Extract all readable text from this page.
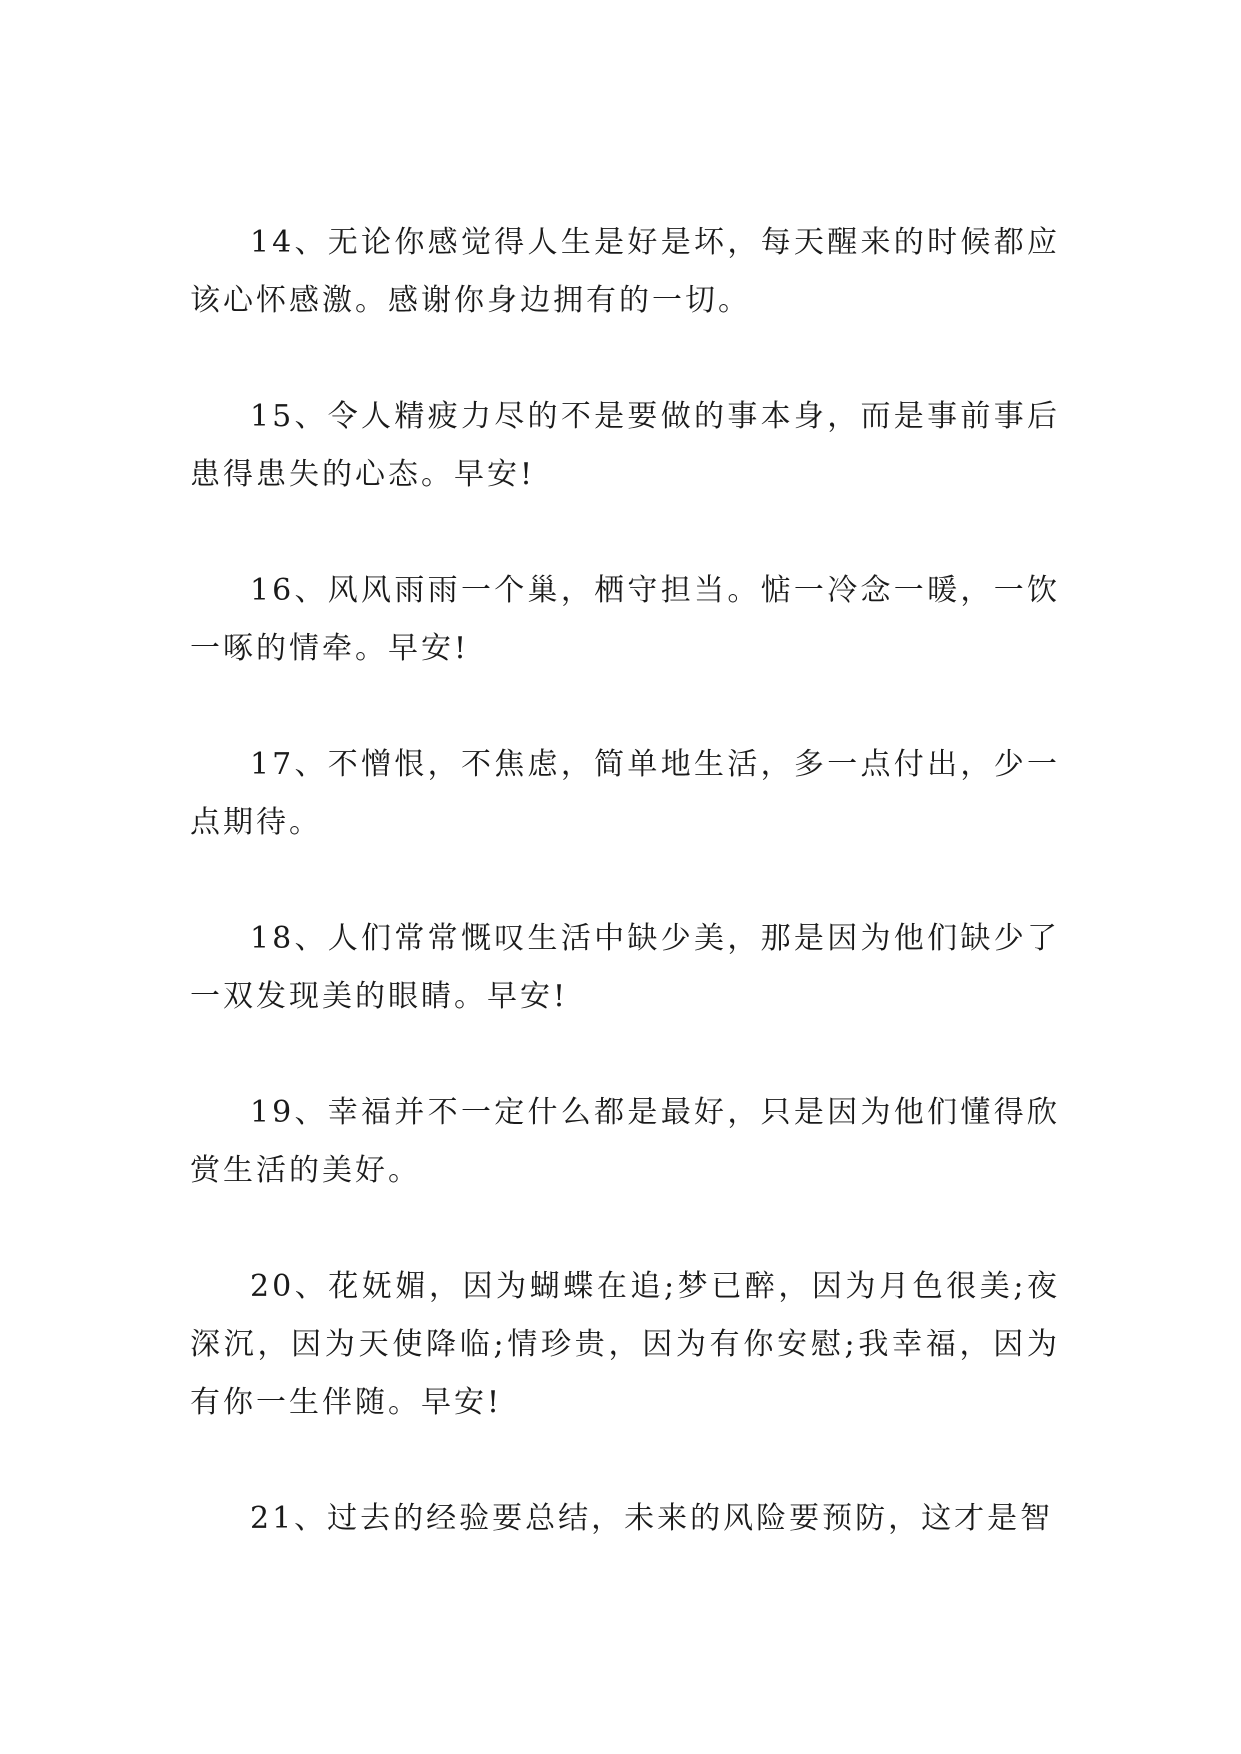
14、无论你感觉得人生是好是坏，每天醒来的时候都应该心怀感激。感谢你身边拥有的一切。

15、令人精疲力尽的不是要做的事本身，而是事前事后患得患失的心态。早安!

16、风风雨雨一个巢，栖守担当。惦一冷念一暖，一饮一啄的情牵。早安!

17、不憎恨，不焦虑，简单地生活，多一点付出，少一点期待。

18、人们常常慨叹生活中缺少美，那是因为他们缺少了一双发现美的眼睛。早安!

19、幸福并不一定什么都是最好，只是因为他们懂得欣赏生活的美好。

20、花妩媚，因为蝴蝶在追;梦已醉，因为月色很美;夜深沉，因为天使降临;情珍贵，因为有你安慰;我幸福，因为有你一生伴随。早安!

21、过去的经验要总结，未来的风险要预防，这才是智
